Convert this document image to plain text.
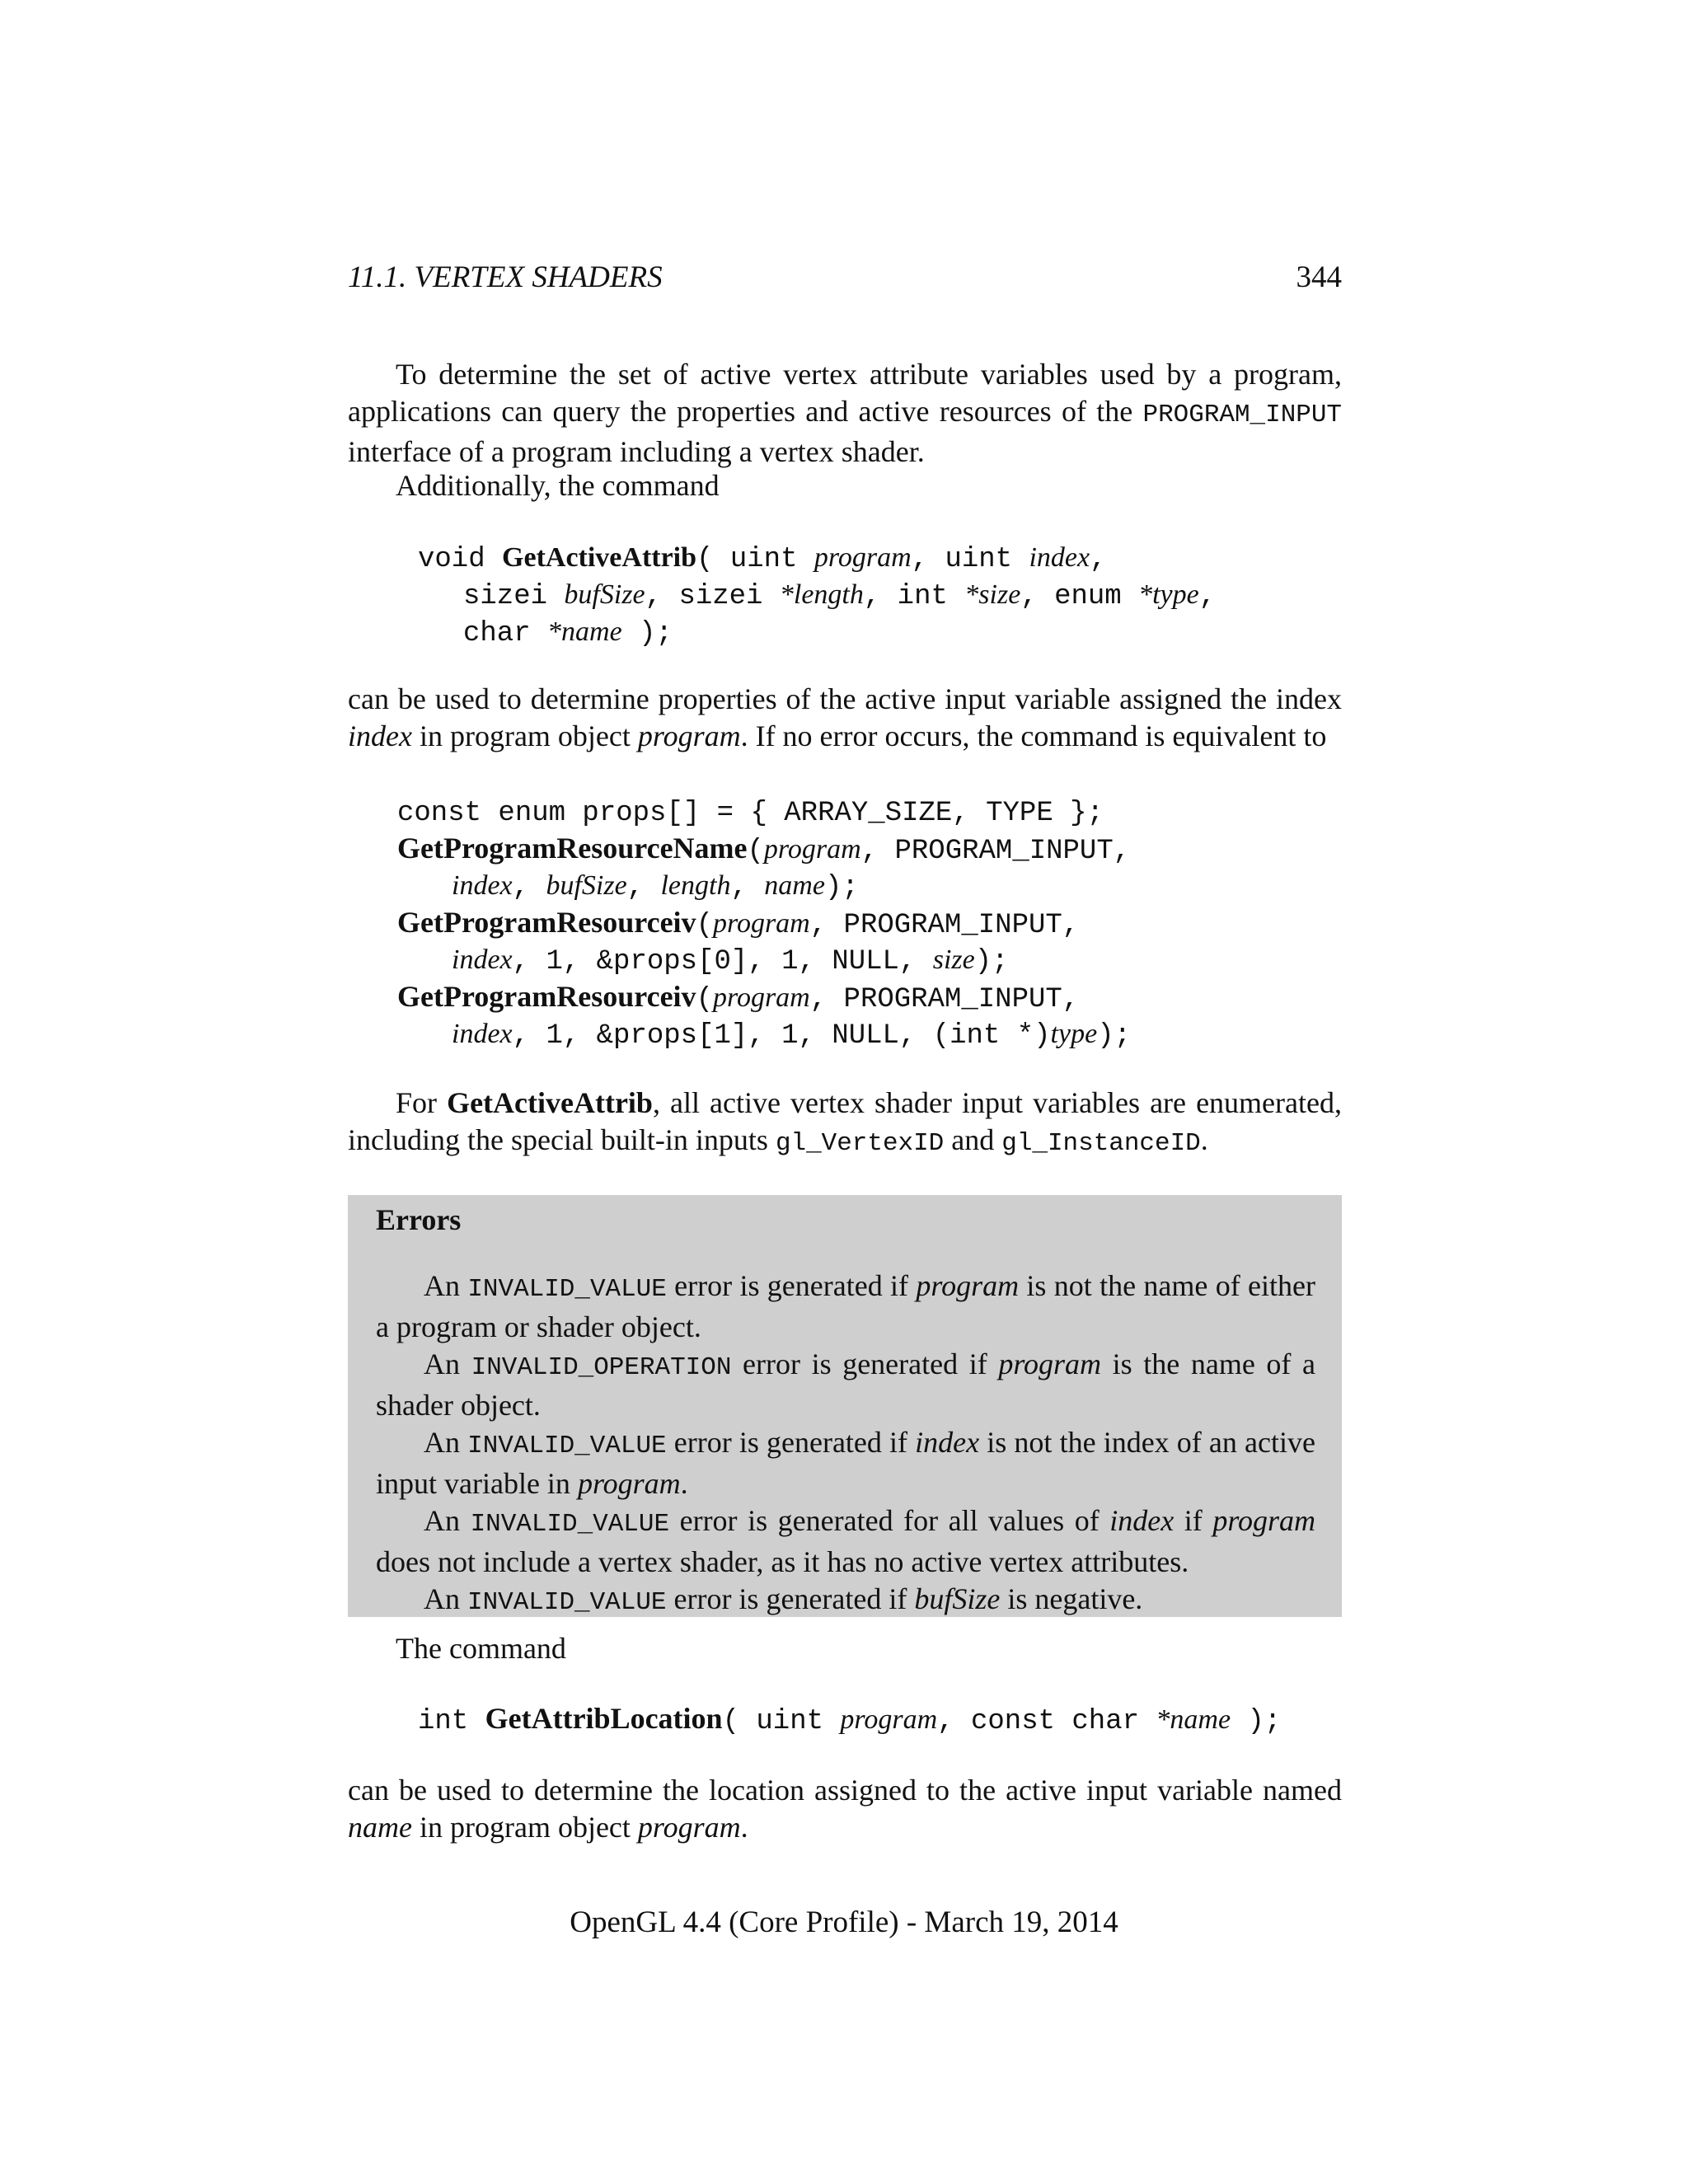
11.1. VERTEX SHADERS	344
To determine the set of active vertex attribute variables used by a program, applications can query the properties and active resources of the PROGRAM_INPUT interface of a program including a vertex shader.
Additionally, the command
void GetActiveAttrib( uint program, uint index,
sizei bufSize, sizei *length, int *size, enum *type,
char *name );
can be used to determine properties of the active input variable assigned the index index in program object program. If no error occurs, the command is equivalent to
const enum props[] = { ARRAY_SIZE, TYPE };
GetProgramResourceName(program, PROGRAM_INPUT,
index, bufSize, length, name);
GetProgramResourceiv(program, PROGRAM_INPUT,
index, 1, &props[0], 1, NULL, size);
GetProgramResourceiv(program, PROGRAM_INPUT,
index, 1, &props[1], 1, NULL, (int *)type);
For GetActiveAttrib, all active vertex shader input variables are enumerated, including the special built-in inputs gl_VertexID and gl_InstanceID.
Errors

An INVALID_VALUE error is generated if program is not the name of either a program or shader object.

An INVALID_OPERATION error is generated if program is the name of a shader object.

An INVALID_VALUE error is generated if index is not the index of an active input variable in program.

An INVALID_VALUE error is generated for all values of index if program does not include a vertex shader, as it has no active vertex attributes.

An INVALID_VALUE error is generated if bufSize is negative.

The command
int GetAttribLocation( uint program, const char *name );
can be used to determine the location assigned to the active input variable named name in program object program.
OpenGL 4.4 (Core Profile) - March 19, 2014
